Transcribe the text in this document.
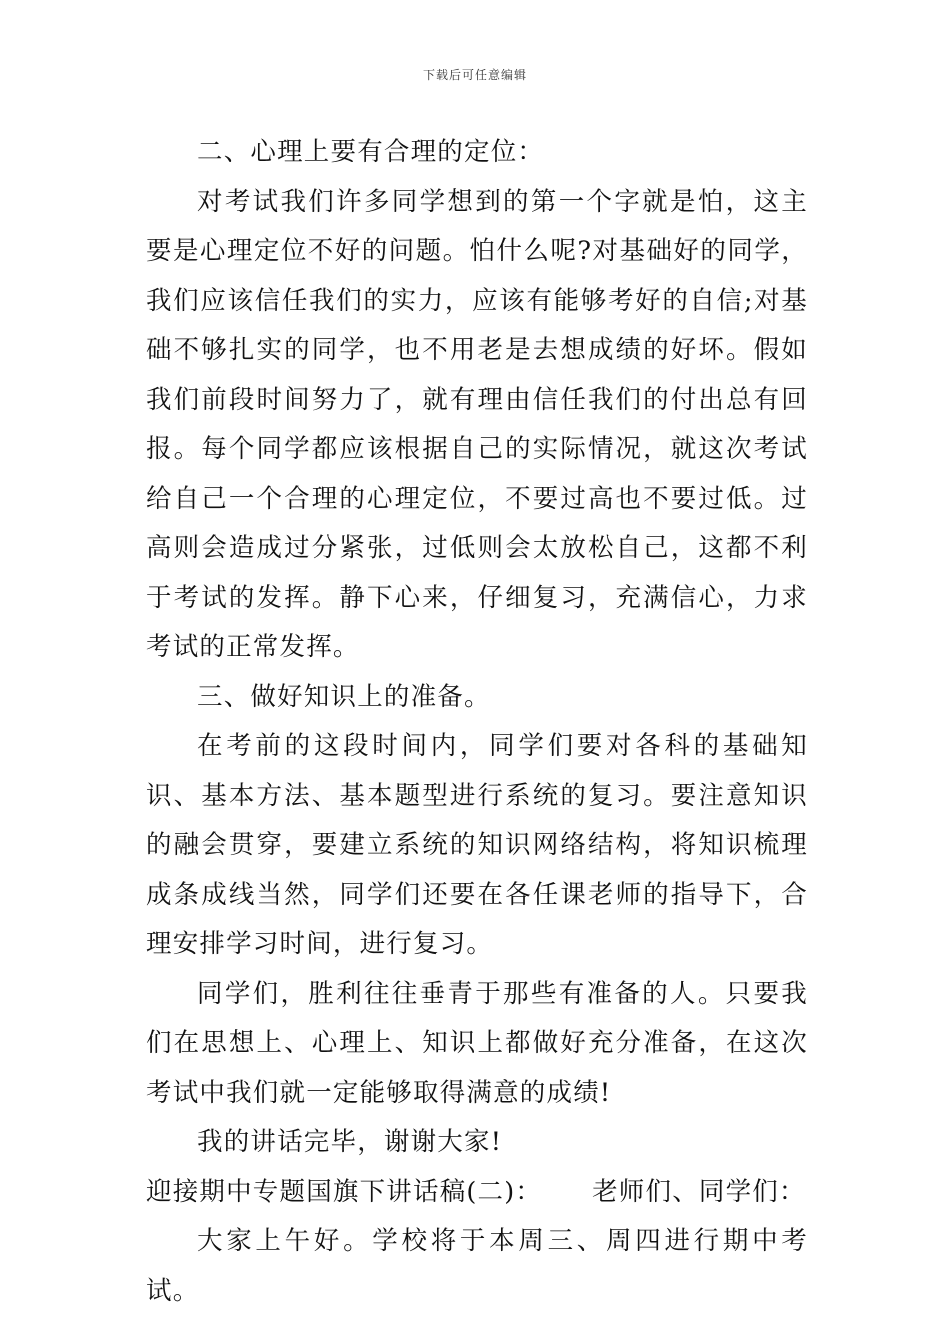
下载后可任意编辑

二、心理上要有合理的定位：

对考试我们许多同学想到的第一个字就是怕，这主要是心理定位不好的问题。怕什么呢?对基础好的同学，我们应该信任我们的实力，应该有能够考好的自信;对基础不够扎实的同学，也不用老是去想成绩的好坏。假如我们前段时间努力了，就有理由信任我们的付出总有回报。每个同学都应该根据自己的实际情况，就这次考试给自己一个合理的心理定位，不要过高也不要过低。过高则会造成过分紧张，过低则会太放松自己，这都不利于考试的发挥。静下心来，仔细复习，充满信心，力求考试的正常发挥。

三、做好知识上的准备。

在考前的这段时间内，同学们要对各科的基础知识、基本方法、基本题型进行系统的复习。要注意知识的融会贯穿，要建立系统的知识网络结构，将知识梳理成条成线当然，同学们还要在各任课老师的指导下，合理安排学习时间，进行复习。

同学们，胜利往往垂青于那些有准备的人。只要我们在思想上、心理上、知识上都做好充分准备，在这次考试中我们就一定能够取得满意的成绩!

我的讲话完毕，谢谢大家!

迎接期中专题国旗下讲话稿(二)： 老师们、同学们：

大家上午好。学校将于本周三、周四进行期中考试。
